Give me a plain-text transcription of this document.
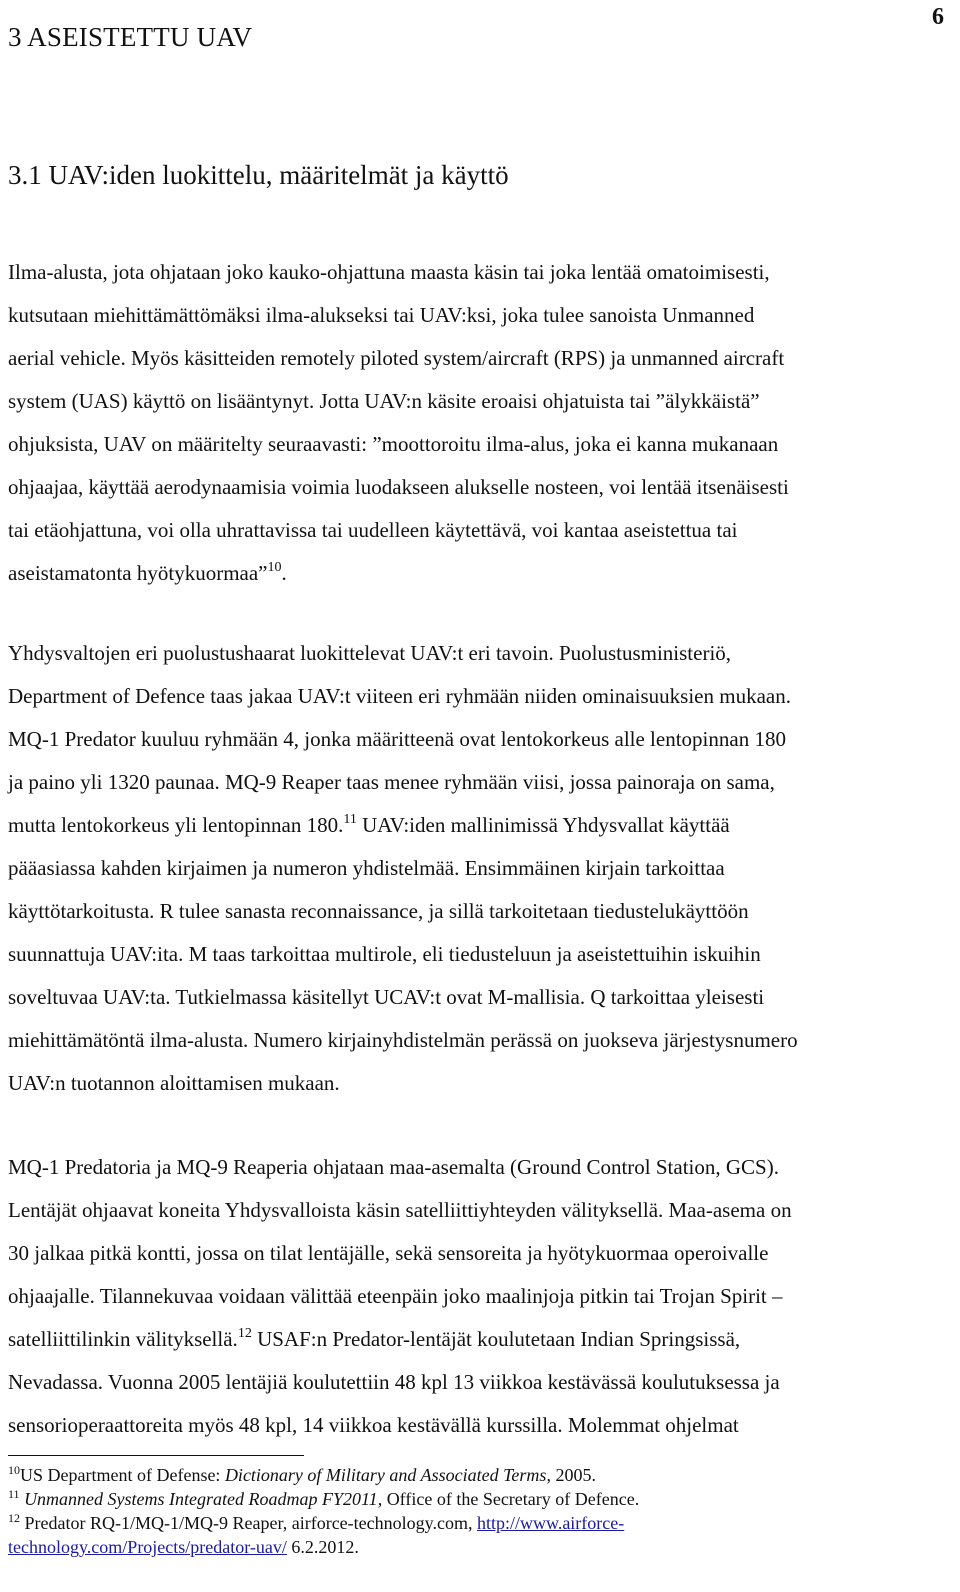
6
3 ASEISTETTU UAV
3.1 UAV:iden luokittelu, määritelmät ja käyttö

Ilma-alusta, jota ohjataan joko kauko-ohjattuna maasta käsin tai joka lentää omatoimisesti,
kutsutaan miehittämättömäksi ilma-alukseksi tai UAV:ksi, joka tulee sanoista Unmanned
aerial vehicle. Myös käsitteiden remotely piloted system/aircraft (RPS) ja unmanned aircraft
system (UAS) käyttö on lisääntynyt. Jotta UAV:n käsite eroaisi ohjatuista tai ”älykkäistä”
ohjuksista, UAV on määritelty seuraavasti: ”moottoroitu ilma-alus, joka ei kanna mukanaan
ohjaajaa, käyttää aerodynaamisia voimia luodakseen alukselle nosteen, voi lentää itsenäisesti
tai etäohjattuna, voi olla uhrattavissa tai uudelleen käytettävä, voi kantaa aseistettua tai
aseistamatonta hyötykuormaa”$^{10}$.

Yhdysvaltojen eri puolustushaarat luokittelevat UAV:t eri tavoin. Puolustusministeriö,
Department of Defence taas jakaa UAV:t viiteen eri ryhmään niiden ominaisuuksien mukaan.
MQ-1 Predator kuuluu ryhmään 4, jonka määritteenä ovat lentokorkeus alle lentopinnan 180
ja paino yli 1320 paunaa. MQ-9 Reaper taas menee ryhmään viisi, jossa painoraja on sama,
mutta lentokorkeus yli lentopinnan 180.11 UAV:iden mallinimissä Yhdysvallat käyttää
pääasiassa kahden kirjaimen ja numeron yhdistelmää. Ensimmäinen kirjain tarkoittaa
käyttötarkoitusta. R tulee sanasta reconnaissance, ja sillä tarkoitetaan tiedustelukäyttöön
suunnattuja UAV:ita. M taas tarkoittaa multirole, eli tiedusteluun ja aseistettuihin iskuihin
soveltuvaa UAV:ta. Tutkielmassa käsitellyt UCAV:t ovat M-mallisia. Q tarkoittaa yleisesti
miehittämätöntä ilma-alusta. Numero kirjainyhdistelmän perässä on juokseva järjestysnumero
UAV:n tuotannon aloittamisen mukaan.

MQ-1 Predatoria ja MQ-9 Reaperia ohjataan maa-asemalta (Ground Control Station, GCS).
Lentäjät ohjaavat koneita Yhdysvalloista käsin satelliittiyhteyden välityksellä. Maa-asema on
30 jalkaa pitkä kontti, jossa on tilat lentäjälle, sekä sensoreita ja hyötykuormaa operoivalle
ohjaajalle. Tilannekuvaa voidaan välittää eteenpäin joko maalinjoja pitkin tai Trojan Spirit –
satelliittilinkin välityksellä.$^{12}$ USAF:n Predator-lentäjät koulutetaan Indian Springsissä,
Nevadassa. Vuonna 2005 lentäjiä koulutettiin 48 kpl 13 viikkoa kestävässä koulutuksessa ja
sensorioperaattoreita myös 48 kpl, 14 viikkoa kestävällä kurssilla. Molemmat ohjelmat

$^{10}$US Department of Defense: Dictionary of Military and Associated Terms, 2005.
$^{11}$ Unmanned Systems Integrated Roadmap FY2011, Office of the Secretary of Defence.
$^{12}$ Predator RQ-1/MQ-1/MQ-9 Reaper, airforce-technology.com, http://www.airforce-
technology.com/Projects/predator-uav/ 6.2.2012.
